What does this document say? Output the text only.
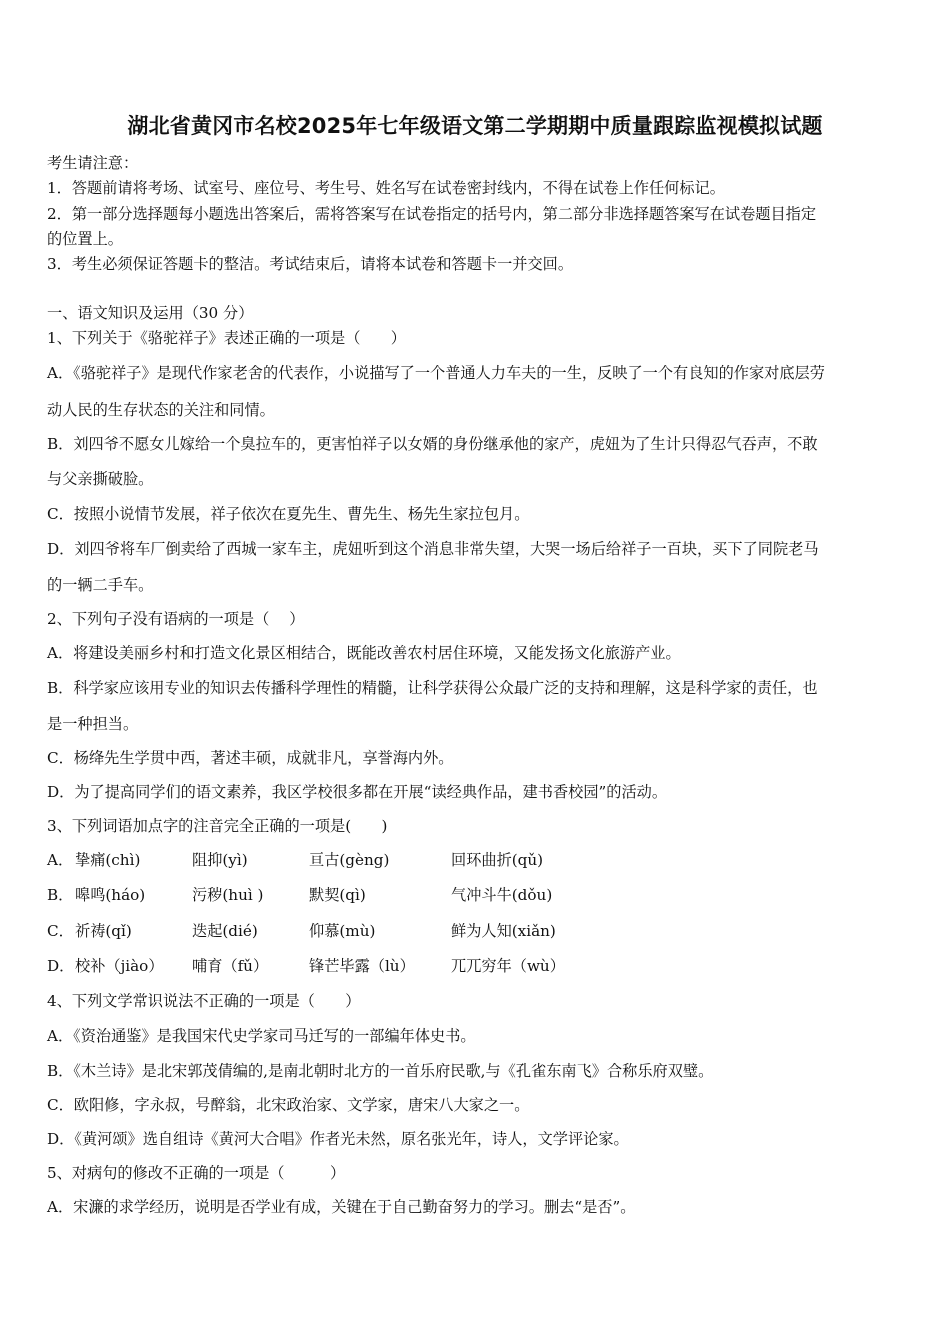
湖北省黄冈市名校2025年七年级语文第二学期期中质量跟踪监视模拟试题
考生请注意：
1．答题前请将考场、试室号、座位号、考生号、姓名写在试卷密封线内，不得在试卷上作任何标记。
2．第一部分选择题每小题选出答案后，需将答案写在试卷指定的括号内，第二部分非选择题答案写在试卷题目指定
的位置上。
3．考生必须保证答题卡的整洁。考试结束后，请将本试卷和答题卡一并交回。
一、语文知识及运用（30 分）
1、下列关于《骆驼祥子》表述正确的一项是（　　）
A．《骆驼祥子》是现代作家老舍的代表作，小说描写了一个普通人力车夫的一生，反映了一个有良知的作家对底层劳
动人民的生存状态的关注和同情。
B．刘四爷不愿女儿嫁给一个臭拉车的，更害怕祥子以女婿的身份继承他的家产，虎妞为了生计只得忍气吞声，不敢
与父亲撕破脸。
C．按照小说情节发展，祥子依次在夏先生、曹先生、杨先生家拉包月。
D．刘四爷将车厂倒卖给了西城一家车主，虎妞听到这个消息非常失望，大哭一场后给祥子一百块，买下了同院老马
的一辆二手车。
2、下列句子没有语病的一项是（　 ）
A．将建设美丽乡村和打造文化景区相结合，既能改善农村居住环境，又能发扬文化旅游产业。
B．科学家应该用专业的知识去传播科学理性的精髓，让科学获得公众最广泛的支持和理解，这是科学家的责任，也
是一种担当。
C．杨绛先生学贯中西，著述丰硕，成就非凡，享誉海内外。
D．为了提高同学们的语文素养，我区学校很多都在开展“读经典作品，建书香校园”的活动。
3、下列词语加点字的注音完全正确的一项是(　　)
A． 挚痛(chì)	阻抑(yì)	亘古(gèng)	回环曲折(qǔ)
B． 嗥鸣(háo)	污秽(huì )	默契(qì)	气冲斗牛(dǒu)
C． 祈祷(qǐ)	迭起(dié)	仰慕(mù)	鲜为人知(xiǎn)
D． 校补（jiào） 哺育（fǔ）	锋芒毕露（lù） 兀兀穷年（wù）
4、下列文学常识说法不正确的一项是（　　）
A．《资治通鉴》是我国宋代史学家司马迁写的一部编年体史书。
B．《木兰诗》是北宋郭茂倩编的,是南北朝时北方的一首乐府民歌,与《孔雀东南飞》合称乐府双璧。
C．欧阳修，字永叔，号醉翁，北宋政治家、文学家，唐宋八大家之一。
D．《黄河颂》选自组诗《黄河大合唱》作者光未然，原名张光年，诗人，文学评论家。
5、对病句的修改不正确的一项是（　　　）
A．宋濂的求学经历，说明是否学业有成，关键在于自己勤奋努力的学习。删去“是否”。
